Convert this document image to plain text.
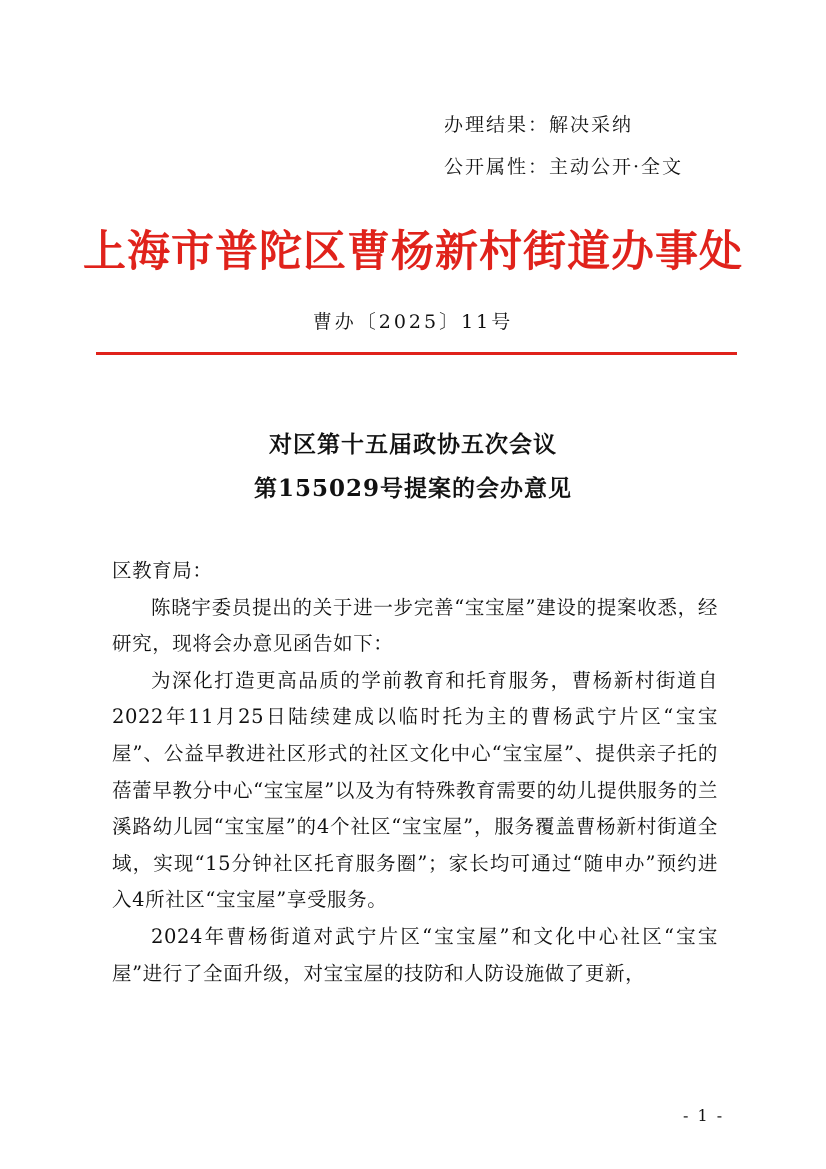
办理结果：解决采纳
公开属性：主动公开·全文
上海市普陀区曹杨新村街道办事处
曹办〔2025〕11号
对区第十五届政协五次会议
第155029号提案的会办意见

区教育局：

陈晓宇委员提出的关于进一步完善“宝宝屋”建设的提案收悉，经研究，现将会办意见函告如下：

为深化打造更高品质的学前教育和托育服务，曹杨新村街道自2022年11月25日陆续建成以临时托为主的曹杨武宁片区“宝宝屋”、公益早教进社区形式的社区文化中心“宝宝屋”、提供亲子托的蓓蕾早教分中心“宝宝屋”以及为有特殊教育需要的幼儿提供服务的兰溪路幼儿园“宝宝屋”的4个社区“宝宝屋”，服务覆盖曹杨新村街道全域，实现“15分钟社区托育服务圈”；家长均可通过“随申办”预约进入4所社区“宝宝屋”享受服务。

2024年曹杨街道对武宁片区“宝宝屋”和文化中心社区“宝宝屋”进行了全面升级，对宝宝屋的技防和人防设施做了更新，

- 1 -
